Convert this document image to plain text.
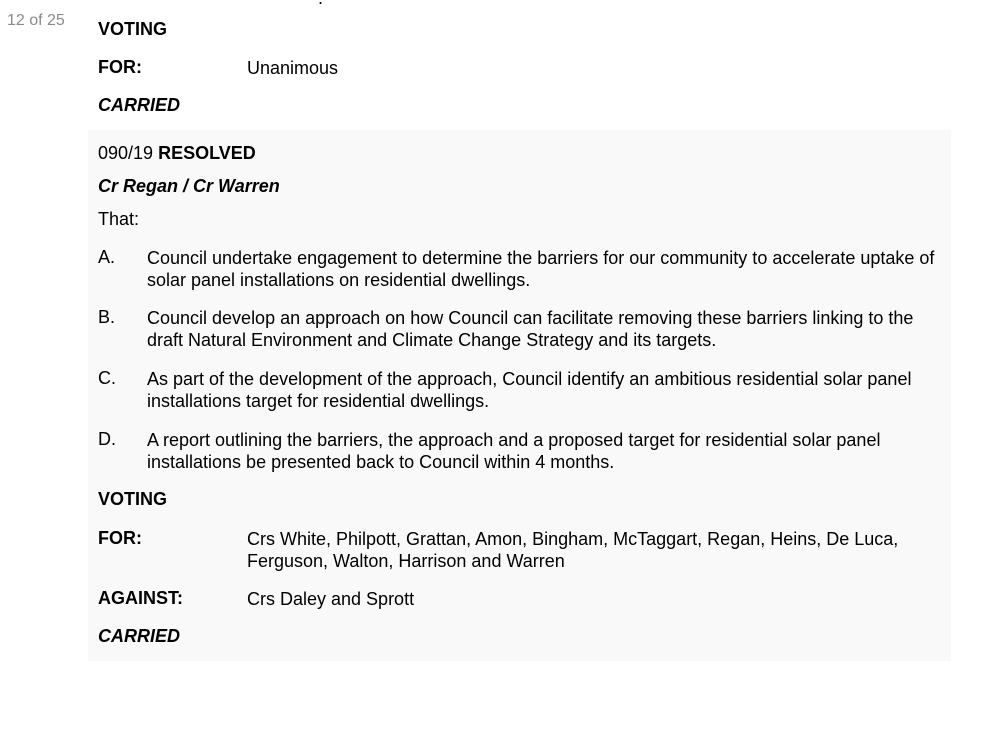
12 of 25 VOTING
FOR:	Unanimous
CARRIED
090/19 RESOLVED
Cr Regan / Cr Warren
That:
A. Council undertake engagement to determine the barriers for our community to accelerate uptake of solar panel installations on residential dwellings.
B. Council develop an approach on how Council can facilitate removing these barriers linking to the draft Natural Environment and Climate Change Strategy and its targets.
C. As part of the development of the approach, Council identify an ambitious residential solar panel installations target for residential dwellings.
D. A report outlining the barriers, the approach and a proposed target for residential solar panel installations be presented back to Council within 4 months.
VOTING
FOR:	Crs White, Philpott, Grattan, Amon, Bingham, McTaggart, Regan, Heins, De Luca, Ferguson, Walton, Harrison and Warren
AGAINST:	Crs Daley and Sprott
CARRIED
